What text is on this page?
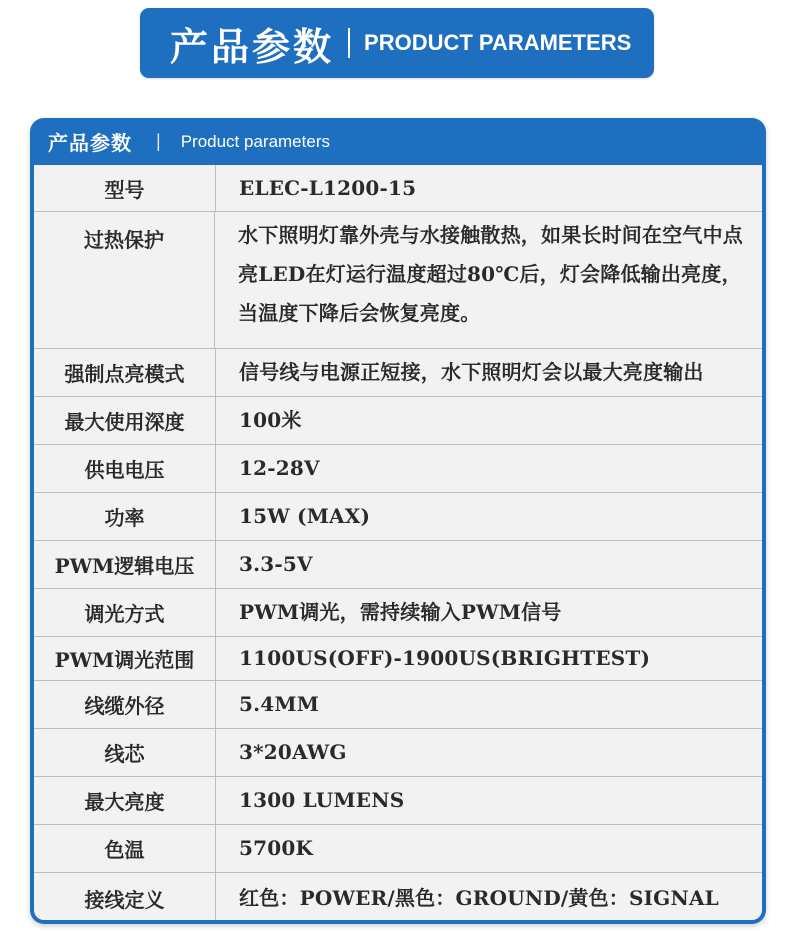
产品参数 PRODUCT PARAMETERS
产品参数 | Product parameters
型号	ELEC-L1200-15
过热保护	水下照明灯靠外壳与水接触散热，如果长时间在空气中点亮LED在灯运行温度超过80℃后，灯会降低输出亮度，当温度下降后会恢复亮度。
强制点亮模式	信号线与电源正短接，水下照明灯会以最大亮度输出
最大使用深度	100米
供电电压	12-28V
功率	15W (MAX)
PWM逻辑电压	3.3-5V
调光方式	PWM调光，需持续输入PWM信号
PWM调光范围	1100US(OFF)-1900US(BRIGHTEST)
线缆外径	5.4MM
线芯	3*20AWG
最大亮度	1300 LUMENS
色温	5700K
接线定义	红色：POWER/黑色：GROUND/黄色：SIGNAL
